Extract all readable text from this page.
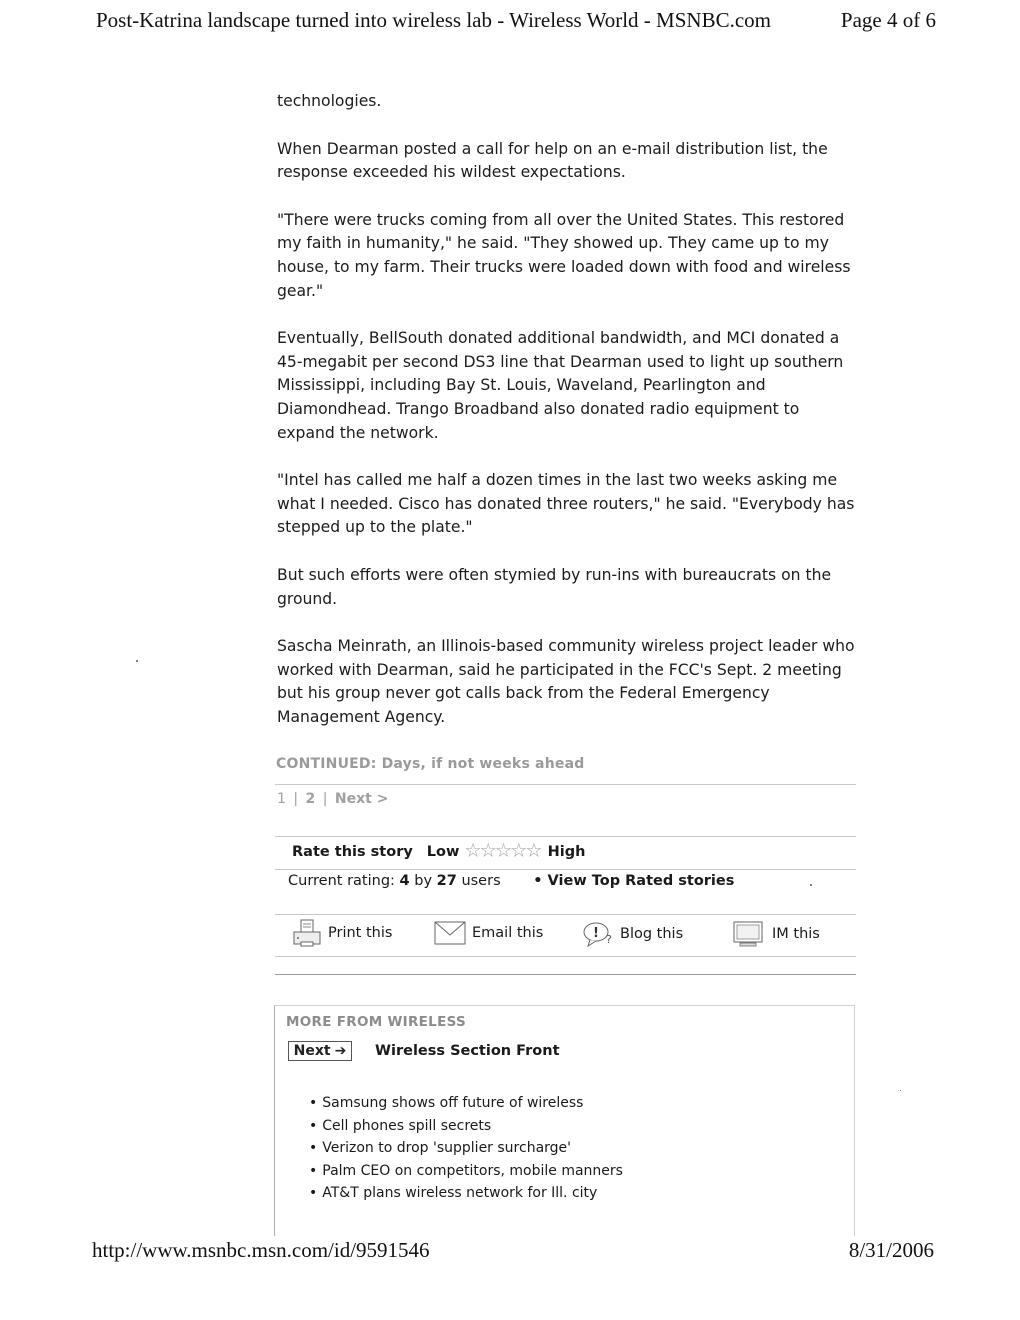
Post-Katrina landscape turned into wireless lab - Wireless World - MSNBC.com	Page 4 of 6

technologies.

When Dearman posted a call for help on an e-mail distribution list, the response exceeded his wildest expectations.

"There were trucks coming from all over the United States. This restored my faith in humanity," he said. "They showed up. They came up to my house, to my farm. Their trucks were loaded down with food and wireless gear."

Eventually, BellSouth donated additional bandwidth, and MCI donated a 45-megabit per second DS3 line that Dearman used to light up southern Mississippi, including Bay St. Louis, Waveland, Pearlington and Diamondhead. Trango Broadband also donated radio equipment to expand the network.

"Intel has called me half a dozen times in the last two weeks asking me what I needed. Cisco has donated three routers," he said. "Everybody has stepped up to the plate."

But such efforts were often stymied by run-ins with bureaucrats on the ground.

Sascha Meinrath, an Illinois-based community wireless project leader who worked with Dearman, said he participated in the FCC's Sept. 2 meeting but his group never got calls back from the Federal Emergency Management Agency.

CONTINUED: Days, if not weeks ahead
1 | 2 | Next >
Rate this story Low ★ ★ ★ ★ ★ High
Current rating: 4 by 27 users • View Top Rated stories
Print this	Email this	! ? Blog this	IM this
MORE FROM WIRELESS
Next ➔ Wireless Section Front
• Samsung shows off future of wireless
• Cell phones spill secrets
• Verizon to drop 'supplier surcharge'
• Palm CEO on competitors, mobile manners
• AT&T plans wireless network for Ill. city
http://www.msnbc.msn.com/id/9591546	8/31/2006
